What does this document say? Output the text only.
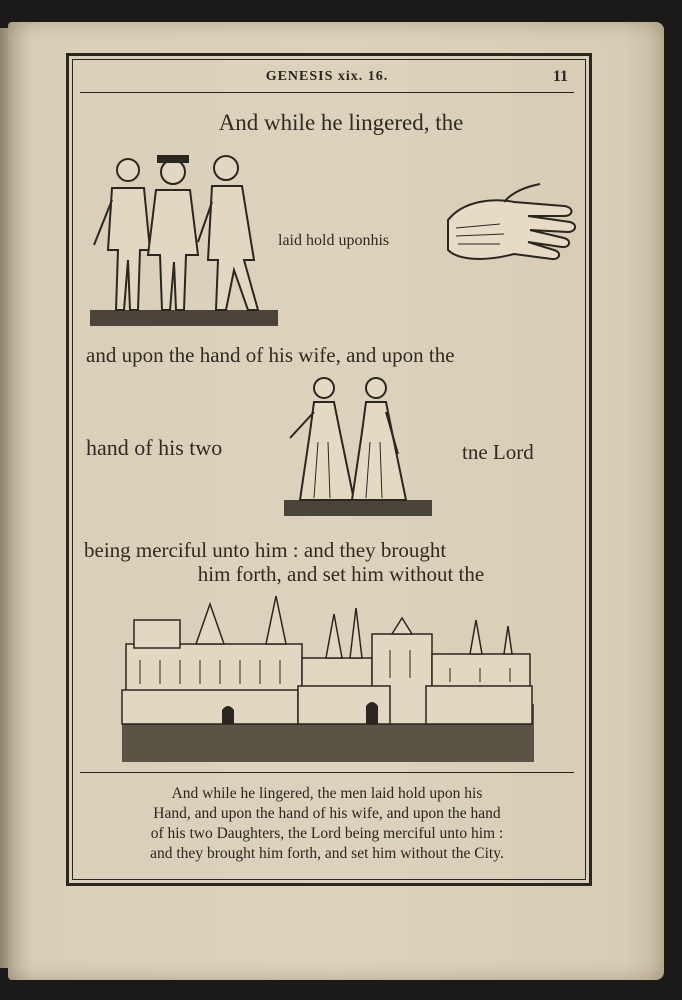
GENESIS xix. 16.	11
And while he lingered, the
laid hold uponhis
and upon the hand of his wife, and upon the
hand of his two	tne Lord
being merciful unto him : and they brought
him forth, and set him without the
And while he lingered, the men laid hold upon his
Hand, and upon the hand of his wife, and upon the hand
of his two Daughters, the Lord being merciful unto him :
and they brought him forth, and set him without the City.
